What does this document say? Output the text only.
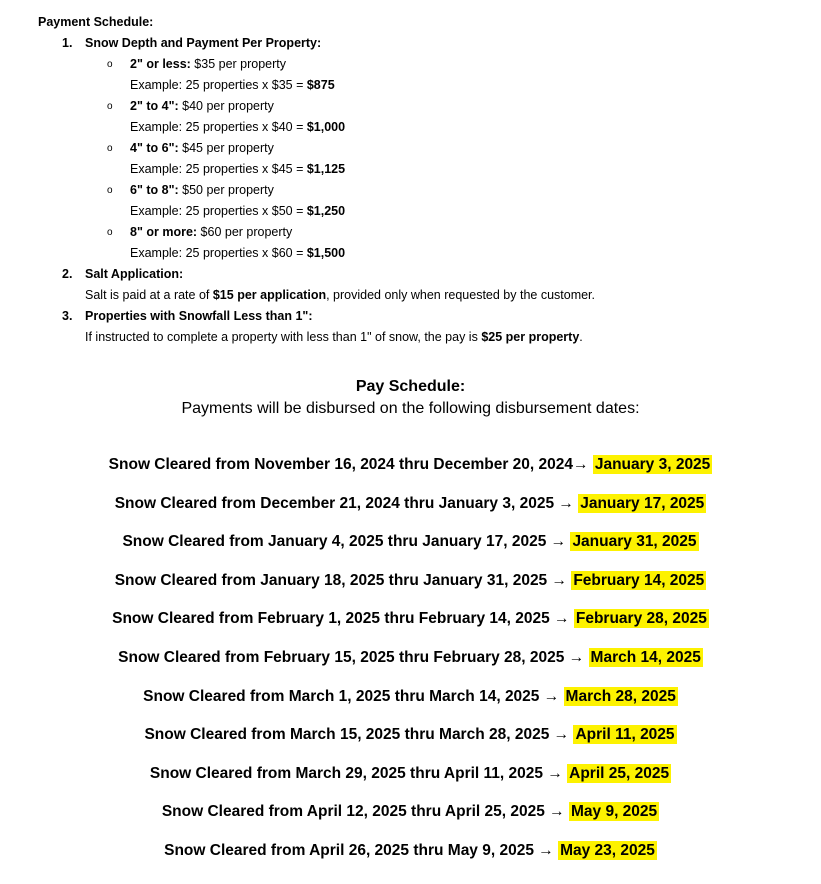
Payment Schedule:
1. Snow Depth and Payment Per Property:
o 2" or less: $35 per property
Example: 25 properties x $35 = $875
o 2" to 4": $40 per property
Example: 25 properties x $40 = $1,000
o 4" to 6": $45 per property
Example: 25 properties x $45 = $1,125
o 6" to 8": $50 per property
Example: 25 properties x $50 = $1,250
o 8" or more: $60 per property
Example: 25 properties x $60 = $1,500
2. Salt Application:
Salt is paid at a rate of $15 per application, provided only when requested by the customer.
3. Properties with Snowfall Less than 1":
If instructed to complete a property with less than 1" of snow, the pay is $25 per property.
Pay Schedule:
Payments will be disbursed on the following disbursement dates:
Snow Cleared from November 16, 2024 thru December 20, 2024→ January 3, 2025
Snow Cleared from December 21, 2024 thru January 3, 2025 → January 17, 2025
Snow Cleared from January 4, 2025 thru January 17, 2025 → January 31, 2025
Snow Cleared from January 18, 2025 thru January 31, 2025 → February 14, 2025
Snow Cleared from February 1, 2025 thru February 14, 2025 → February 28, 2025
Snow Cleared from February 15, 2025 thru February 28, 2025 → March 14, 2025
Snow Cleared from March 1, 2025 thru March 14, 2025 → March 28, 2025
Snow Cleared from March 15, 2025 thru March 28, 2025 → April 11, 2025
Snow Cleared from March 29, 2025 thru April 11, 2025 → April 25, 2025
Snow Cleared from April 12, 2025 thru April 25, 2025 → May 9, 2025
Snow Cleared from April 26, 2025 thru May 9, 2025 → May 23, 2025
